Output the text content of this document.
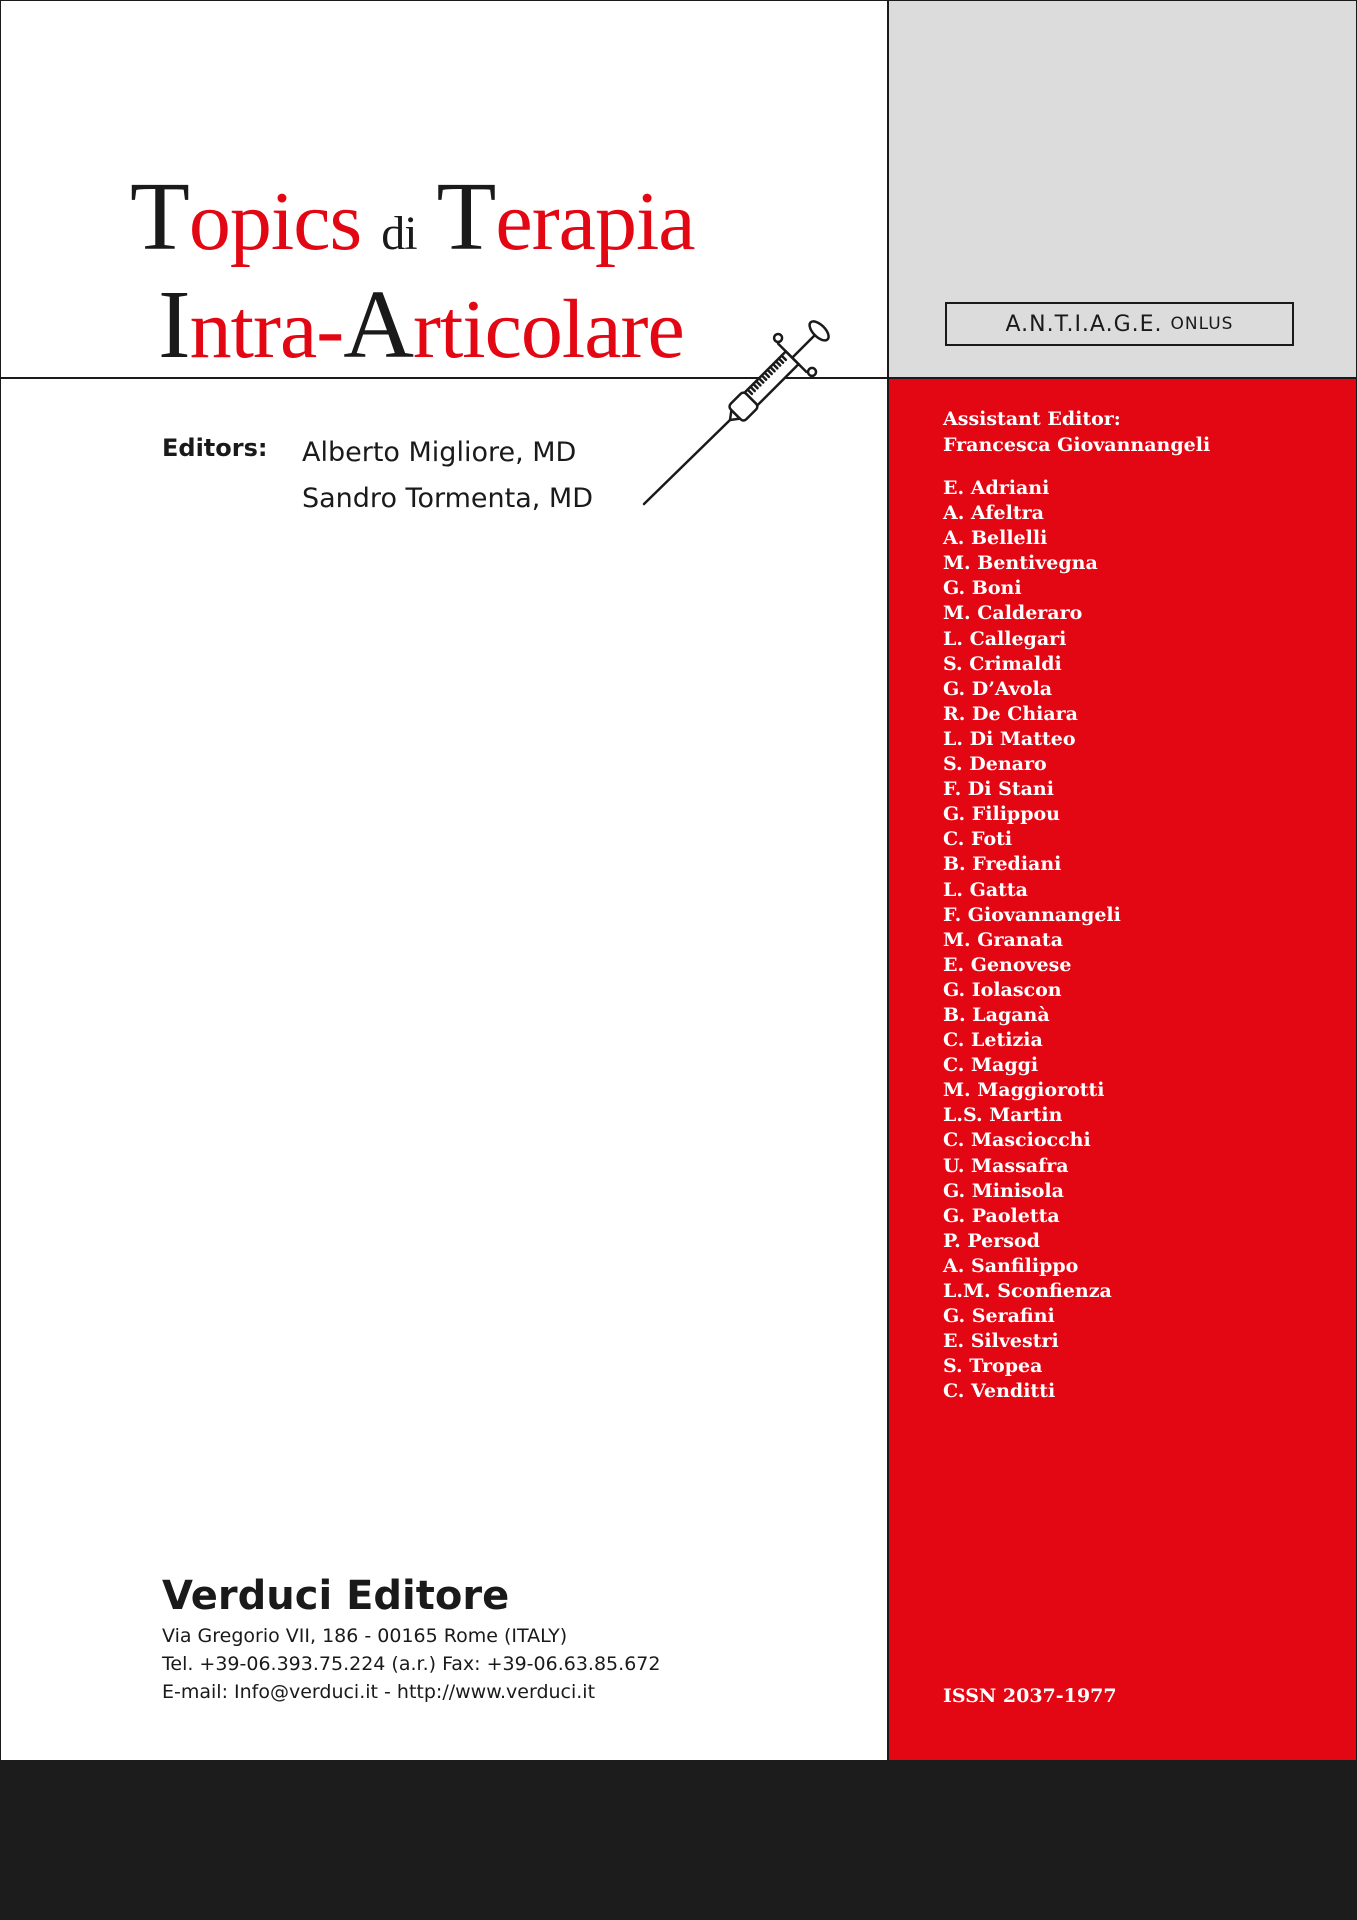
Topics di Terapia
Intra-Articolare	A.N.T.I.A.G.E. ONLUS
Editors: Alberto Migliore, MD
Sandro Tormenta, MD
Assistant Editor:
Francesca Giovannangeli
E. Adriani
A. Afeltra
A. Bellelli
M. Bentivegna
G. Boni
M. Calderaro
L. Callegari
S. Crimaldi
G. D’Avola
R. De Chiara
L. Di Matteo
S. Denaro
F. Di Stani
G. Filippou
C. Foti
B. Frediani
L. Gatta
F. Giovannangeli
M. Granata
E. Genovese
G. Iolascon
B. Laganà
C. Letizia
C. Maggi
M. Maggiorotti
L.S. Martin
C. Masciocchi
U. Massafra
G. Minisola
G. Paoletta
P. Persod
A. Sanfilippo
L.M. Sconfienza
G. Serafini
E. Silvestri
S. Tropea
C. Venditti
Verduci Editore
Via Gregorio VII, 186 - 00165 Rome (ITALY)
Tel. +39-06.393.75.224 (a.r.) Fax: +39-06.63.85.672
E-mail: Info@verduci.it - http://www.verduci.it	ISSN 2037-1977
